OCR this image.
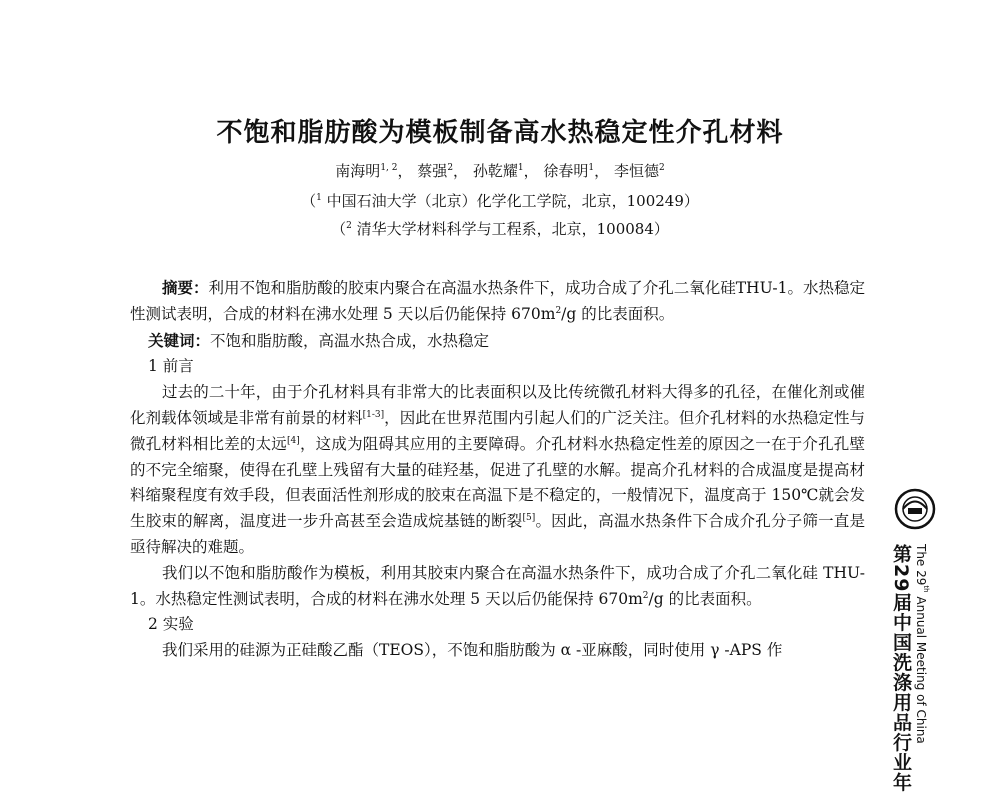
不饱和脂肪酸为模板制备高水热稳定性介孔材料

南海明$^{1, 2}$， 蔡强$^2$， 孙乾耀$^1$， 徐春明$^1$， 李恒德$^2$

（$^1$ 中国石油大学（北京）化学化工学院，北京，100249）

（$^2$ 清华大学材料科学与工程系，北京，100084）

摘要：利用不饱和脂肪酸的胶束内聚合在高温水热条件下，成功合成了介孔二氧化硅THU-1。水热稳定性测试表明，合成的材料在沸水处理 5 天以后仍能保持 $670m^2/g$ 的比表面积。

关键词：不饱和脂肪酸，高温水热合成，水热稳定

1 前言

过去的二十年，由于介孔材料具有非常大的比表面积以及比传统微孔材料大得多的孔径，在催化剂或催化剂载体领域是非常有前景的材料[1-3]，因此在世界范围内引起人们的广泛关注。但介孔材料的水热稳定性与微孔材料相比差的太远[4]，这成为阻碍其应用的主要障碍。介孔材料水热稳定性差的原因之一在于介孔孔壁的不完全缩聚，使得在孔壁上残留有大量的硅羟基，促进了孔壁的水解。提高介孔材料的合成温度是提高材料缩聚程度有效手段，但表面活性剂形成的胶束在高温下是不稳定的，一般情况下，温度高于 150℃就会发生胶束的解离，温度进一步升高甚至会造成烷基链的断裂[5]。因此，高温水热条件下合成介孔分子筛一直是亟待解决的难题。

我们以不饱和脂肪酸作为模板，利用其胶束内聚合在高温水热条件下，成功合成了介孔二氧化硅 THU-1。水热稳定性测试表明，合成的材料在沸水处理 5 天以后仍能保持 $670m^2/g$ 的比表面积。

2 实验

我们采用的硅源为正硅酸乙酯（TEOS），不饱和脂肪酸为 α -亚麻酸，同时使用 γ -APS 作	第29届中国洗涤用品行业年 The 29th Annual Meeting of China
